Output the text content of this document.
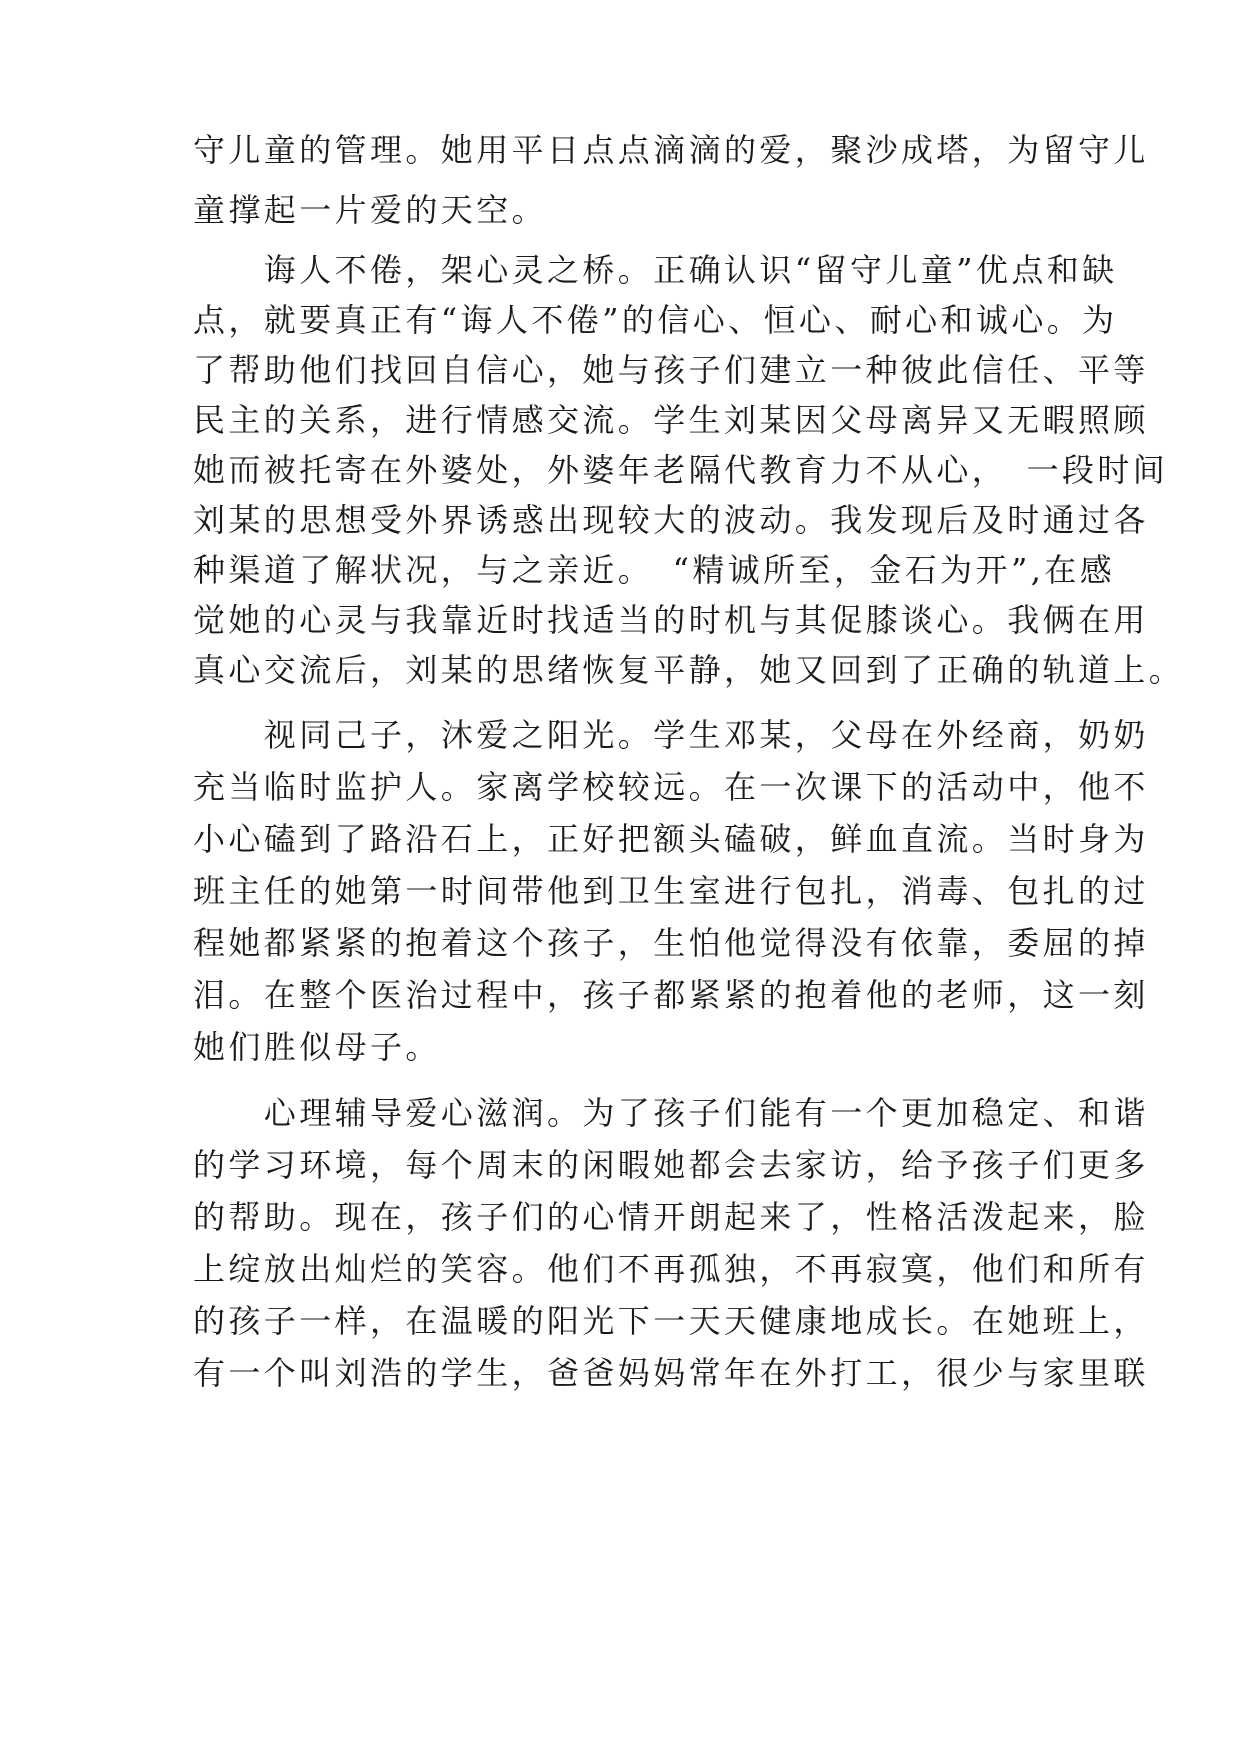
守儿童的管理。她用平日点点滴滴的爱，聚沙成塔，为留守儿
童撑起一片爱的天空。
　　诲人不倦，架心灵之桥。正确认识“留守儿童”优点和缺
点，就要真正有“诲人不倦”的信心、恒心、耐心和诚心。为
了帮助他们找回自信心，她与孩子们建立一种彼此信任、平等
民主的关系，进行情感交流。学生刘某因父母离异又无暇照顾
她而被托寄在外婆处，外婆年老隔代教育力不从心，　一段时间
刘某的思想受外界诱惑出现较大的波动。我发现后及时通过各
种渠道了解状况，与之亲近。　“精诚所至，金石为开”,在感
觉她的心灵与我靠近时找适当的时机与其促膝谈心。我俩在用
真心交流后，刘某的思绪恢复平静，她又回到了正确的轨道上。
　　视同己子，沐爱之阳光。学生邓某，父母在外经商，奶奶
充当临时监护人。家离学校较远。在一次课下的活动中，他不
小心磕到了路沿石上，正好把额头磕破，鲜血直流。当时身为
班主任的她第一时间带他到卫生室进行包扎，消毒、包扎的过
程她都紧紧的抱着这个孩子，生怕他觉得没有依靠，委屈的掉
泪。在整个医治过程中，孩子都紧紧的抱着他的老师，这一刻
她们胜似母子。
　　心理辅导爱心滋润。为了孩子们能有一个更加稳定、和谐
的学习环境，每个周末的闲暇她都会去家访，给予孩子们更多
的帮助。现在，孩子们的心情开朗起来了，性格活泼起来，脸
上绽放出灿烂的笑容。他们不再孤独，不再寂寞，他们和所有
的孩子一样，在温暖的阳光下一天天健康地成长。在她班上，
有一个叫刘浩的学生，爸爸妈妈常年在外打工，很少与家里联
